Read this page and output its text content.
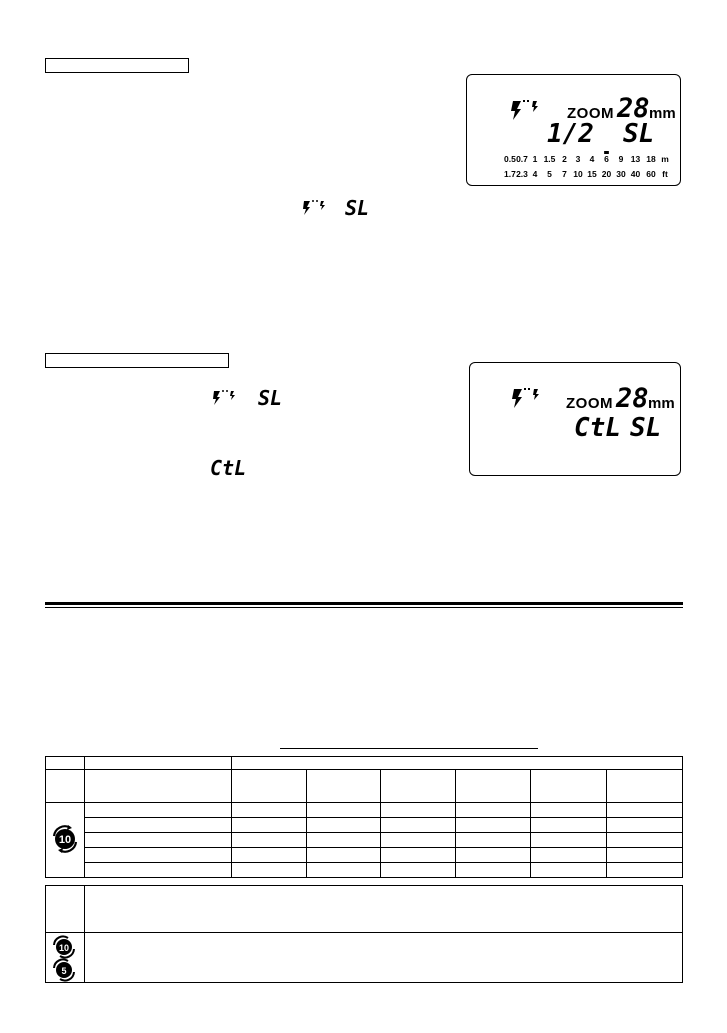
ZOOM 28 mm
1/2 SL
0.50.7 1 1.5 2 3 4 6 9 13 18 m
1.72.3 4 5 7 10 15 20 30 40 60 ft
SL
ZOOM 28 mm
CtL SL
SL
CtL

10							

10
5
